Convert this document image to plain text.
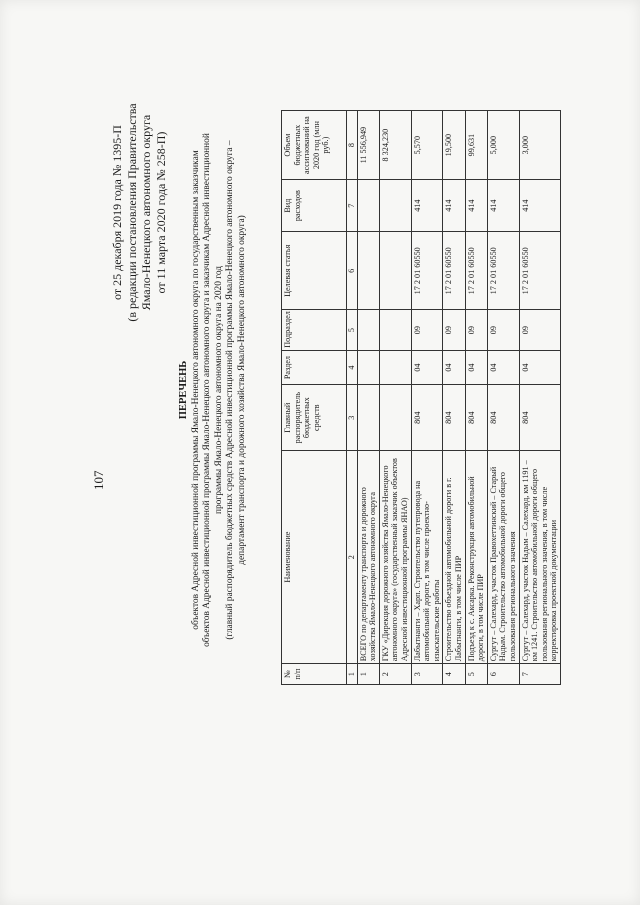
107
от 25 декабря 2019 года № 1395-П (в редакции постановления Правительства Ямало-Ненецкого автономного округа от 11 марта 2020 года № 258-П)
ПЕРЕЧЕНЬ объектов Адресной инвестиционной программы Ямало-Ненецкого автономного округа по государственным заказчикам объектов Адресной инвестиционной программы Ямало-Ненецкого автономного округа и заказчикам Адресной инвестиционной программы Ямало-Ненецкого автономного округа на 2020 год (главный распорядитель бюджетных средств Адресной инвестиционной программы Ямало-Ненецкого автономного округа – департамент транспорта и дорожного хозяйства Ямало-Ненецкого автономного округа)
№ п/п	Наименование	Главный распорядитель бюджетных средств	Раздел	Подраздел	Целевая статья	Вид расходов	Объем бюджетных ассигнований на 2020 год (млн руб.)
1	2	3	4	5	6	7	8
1	ВСЕГО по департаменту транспорта и дорожного хозяйства Ямало-Ненецкого автономного округа						11 556,949
2	ГКУ «Дирекция дорожного хозяйства Ямало-Ненецкого автономного округа» (государственный заказчик объектов Адресной инвестиционной программы ЯНАО)						8 324,230
3	Лабытнанги – Харп. Строительство путепровода на автомобильной дороге, в том числе проектно-изыскательские работы	804	04	09	17 2 01 60550	414	5,570
4	Строительство объездной автомобильной дороги в г. Лабытнанги, в том числе ПИР	804	04	09	17 2 01 60550	414	19,500
5	Подъезд к с. Аксарка. Реконструкция автомобильной дороги, в том числе ПИР	804	04	09	17 2 01 60550	414	99,631
6	Сургут – Салехард, участок Правохеттинский – Старый Надым. Строительство автомобильной дороги общего пользования регионального значения	804	04	09	17 2 01 60550	414	5,000
7	Сургут – Салехард, участок Надым – Салехард, км 1191 – км 1241. Строительство автомобильной дороги общего пользования регионального значения, в том числе корректировка проектной документации	804	04	09	17 2 01 60550	414	3,000
